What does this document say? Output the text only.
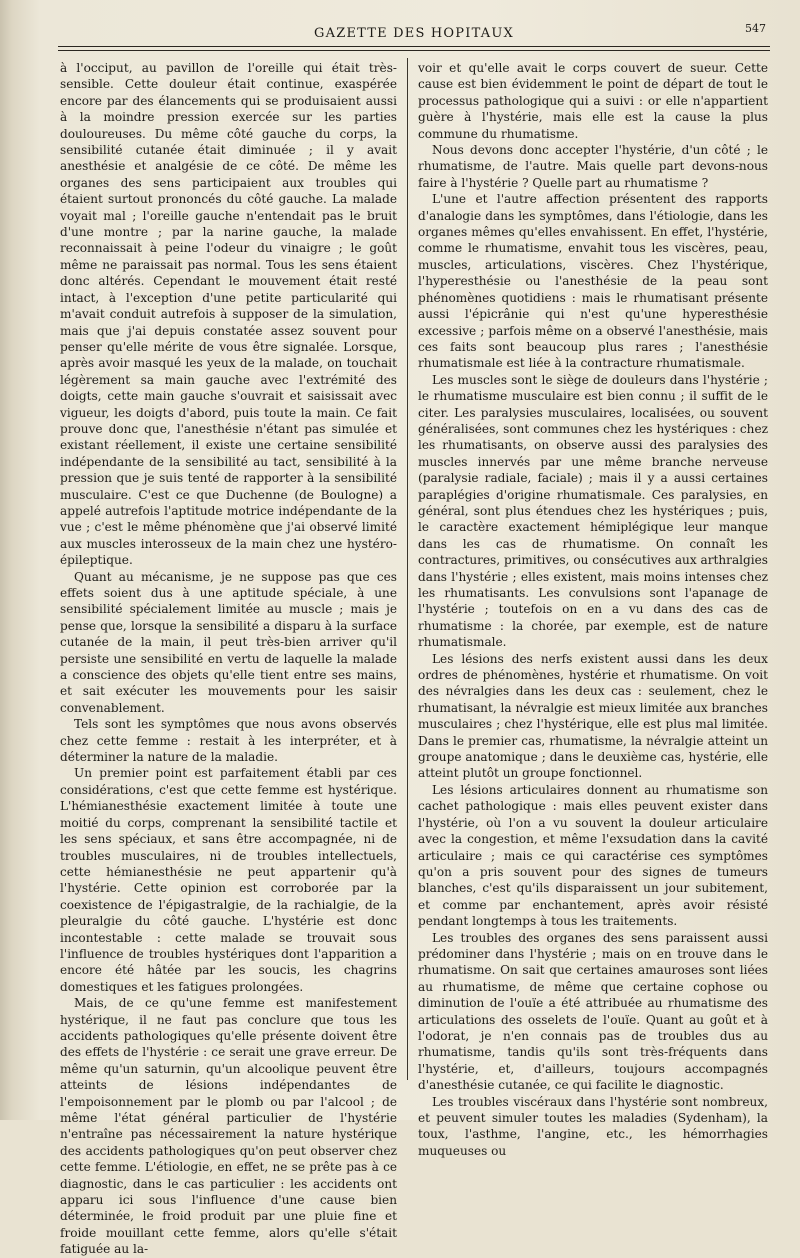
GAZETTE DES HOPITAUX	547

à l'occiput, au pavillon de l'oreille qui était très-sensible. Cette douleur était continue, exaspérée encore par des élancements qui se produisaient aussi à la moindre pression exercée sur les parties douloureuses. Du même côté gauche du corps, la sensibilité cutanée était diminuée ; il y avait anesthésie et analgésie de ce côté. De même les organes des sens participaient aux troubles qui étaient surtout prononcés du côté gauche. La malade voyait mal ; l'oreille gauche n'entendait pas le bruit d'une montre ; par la narine gauche, la malade reconnaissait à peine l'odeur du vinaigre ; le goût même ne paraissait pas normal. Tous les sens étaient donc altérés. Cependant le mouvement était resté intact, à l'exception d'une petite particularité qui m'avait conduit autrefois à supposer de la simulation, mais que j'ai depuis constatée assez souvent pour penser qu'elle mérite de vous être signalée. Lorsque, après avoir masqué les yeux de la malade, on touchait légèrement sa main gauche avec l'extrémité des doigts, cette main gauche s'ouvrait et saisissait avec vigueur, les doigts d'abord, puis toute la main. Ce fait prouve donc que, l'anesthésie n'étant pas simulée et existant réellement, il existe une certaine sensibilité indépendante de la sensibilité au tact, sensibilité à la pression que je suis tenté de rapporter à la sensibilité musculaire. C'est ce que Duchenne (de Boulogne) a appelé autrefois l'aptitude motrice indépendante de la vue ; c'est le même phénomène que j'ai observé limité aux muscles interosseux de la main chez une hystéro-épileptique.

Quant au mécanisme, je ne suppose pas que ces effets soient dus à une aptitude spéciale, à une sensibilité spécialement limitée au muscle ; mais je pense que, lorsque la sensibilité a disparu à la surface cutanée de la main, il peut très-bien arriver qu'il persiste une sensibilité en vertu de laquelle la malade a conscience des objets qu'elle tient entre ses mains, et sait exécuter les mouvements pour les saisir convenablement.

Tels sont les symptômes que nous avons observés chez cette femme : restait à les interpréter, et à déterminer la nature de la maladie.

Un premier point est parfaitement établi par ces considérations, c'est que cette femme est hystérique. L'hémianesthésie exactement limitée à toute une moitié du corps, comprenant la sensibilité tactile et les sens spéciaux, et sans être accompagnée, ni de troubles musculaires, ni de troubles intellectuels, cette hémianesthésie ne peut appartenir qu'à l'hystérie. Cette opinion est corroborée par la coexistence de l'épigastralgie, de la rachialgie, de la pleuralgie du côté gauche. L'hystérie est donc incontestable : cette malade se trouvait sous l'influence de troubles hystériques dont l'apparition a encore été hâtée par les soucis, les chagrins domestiques et les fatigues prolongées.

Mais, de ce qu'une femme est manifestement hystérique, il ne faut pas conclure que tous les accidents pathologiques qu'elle présente doivent être des effets de l'hystérie : ce serait une grave erreur. De même qu'un saturnin, qu'un alcoolique peuvent être atteints de lésions indépendantes de l'empoisonnement par le plomb ou par l'alcool ; de même l'état général particulier de l'hystérie n'entraîne pas nécessairement la nature hystérique des accidents pathologiques qu'on peut observer chez cette femme. L'étiologie, en effet, ne se prête pas à ce diagnostic, dans le cas particulier : les accidents ont apparu ici sous l'influence d'une cause bien déterminée, le froid produit par une pluie fine et froide mouillant cette femme, alors qu'elle s'était fatiguée au la-

voir et qu'elle avait le corps couvert de sueur. Cette cause est bien évidemment le point de départ de tout le processus pathologique qui a suivi : or elle n'appartient guère à l'hystérie, mais elle est la cause la plus commune du rhumatisme.

Nous devons donc accepter l'hystérie, d'un côté ; le rhumatisme, de l'autre. Mais quelle part devons-nous faire à l'hystérie ? Quelle part au rhumatisme ?

L'une et l'autre affection présentent des rapports d'analogie dans les symptômes, dans l'étiologie, dans les organes mêmes qu'elles envahissent. En effet, l'hystérie, comme le rhumatisme, envahit tous les viscères, peau, muscles, articulations, viscères. Chez l'hystérique, l'hyperesthésie ou l'anesthésie de la peau sont phénomènes quotidiens : mais le rhumatisant présente aussi l'épicrânie qui n'est qu'une hyperesthésie excessive ; parfois même on a observé l'anesthésie, mais ces faits sont beaucoup plus rares ; l'anesthésie rhumatismale est liée à la contracture rhumatismale.

Les muscles sont le siège de douleurs dans l'hystérie ; le rhumatisme musculaire est bien connu ; il suffit de le citer. Les paralysies musculaires, localisées, ou souvent généralisées, sont communes chez les hystériques : chez les rhumatisants, on observe aussi des paralysies des muscles innervés par une même branche nerveuse (paralysie radiale, faciale) ; mais il y a aussi certaines paraplégies d'origine rhumatismale. Ces paralysies, en général, sont plus étendues chez les hystériques ; puis, le caractère exactement hémiplégique leur manque dans les cas de rhumatisme. On connaît les contractures, primitives, ou consécutives aux arthralgies dans l'hystérie ; elles existent, mais moins intenses chez les rhumatisants. Les convulsions sont l'apanage de l'hystérie ; toutefois on en a vu dans des cas de rhumatisme : la chorée, par exemple, est de nature rhumatismale.

Les lésions des nerfs existent aussi dans les deux ordres de phénomènes, hystérie et rhumatisme. On voit des névralgies dans les deux cas : seulement, chez le rhumatisant, la névralgie est mieux limitée aux branches musculaires ; chez l'hystérique, elle est plus mal limitée. Dans le premier cas, rhumatisme, la névralgie atteint un groupe anatomique ; dans le deuxième cas, hystérie, elle atteint plutôt un groupe fonctionnel.

Les lésions articulaires donnent au rhumatisme son cachet pathologique : mais elles peuvent exister dans l'hystérie, où l'on a vu souvent la douleur articulaire avec la congestion, et même l'exsudation dans la cavité articulaire ; mais ce qui caractérise ces symptômes qu'on a pris souvent pour des signes de tumeurs blanches, c'est qu'ils disparaissent un jour subitement, et comme par enchantement, après avoir résisté pendant longtemps à tous les traitements.

Les troubles des organes des sens paraissent aussi prédominer dans l'hystérie ; mais on en trouve dans le rhumatisme. On sait que certaines amauroses sont liées au rhumatisme, de même que certaine cophose ou diminution de l'ouïe a été attribuée au rhumatisme des articulations des osselets de l'ouïe. Quant au goût et à l'odorat, je n'en connais pas de troubles dus au rhumatisme, tandis qu'ils sont très-fréquents dans l'hystérie, et, d'ailleurs, toujours accompagnés d'anesthésie cutanée, ce qui facilite le diagnostic.

Les troubles viscéraux dans l'hystérie sont nombreux, et peuvent simuler toutes les maladies (Sydenham), la toux, l'asthme, l'angine, etc., les hémorrhagies muqueuses ou
